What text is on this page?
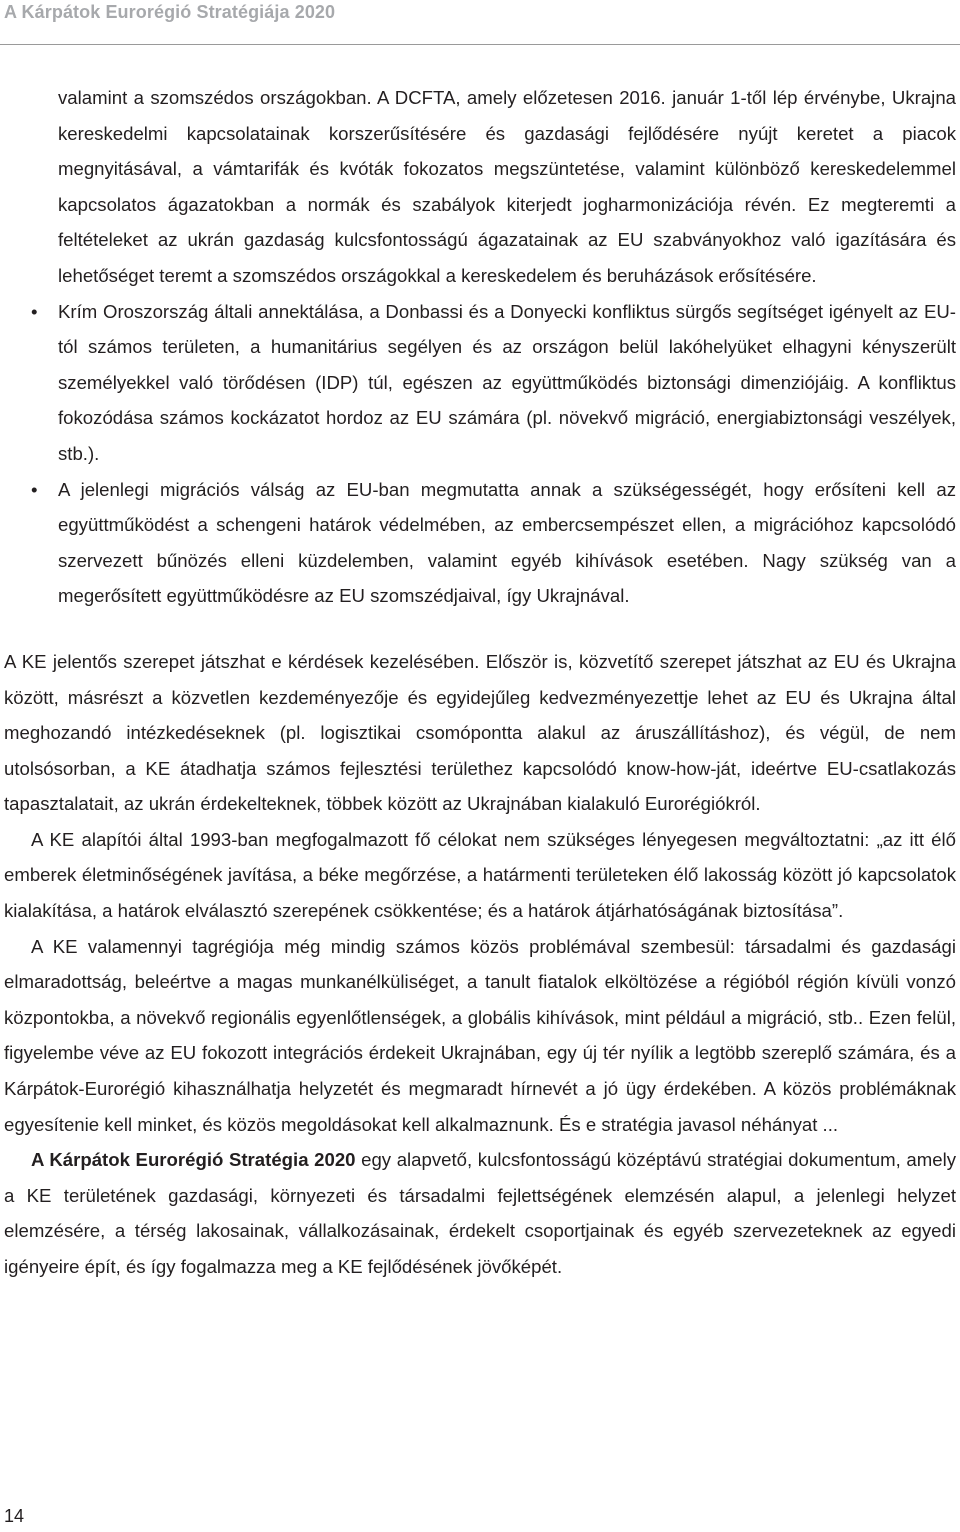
A Kárpátok Eurorégió Stratégiája 2020

valamint a szomszédos országokban. A DCFTA, amely előzetesen 2016. január 1-től lép érvénybe, Ukrajna kereskedelmi kapcsolatainak korszerűsítésére és gazdasági fejlődésére nyújt keretet a piacok megnyitásával, a vámtarifák és kvóták fokozatos megszüntetése, valamint különböző kereskedelemmel kapcsolatos ágazatokban a normák és szabályok kiterjedt jogharmonizációja révén. Ez megteremti a feltételeket az ukrán gazdaság kulcsfontosságú ágazatainak az EU szabványokhoz való igazítására és lehetőséget teremt a szomszédos országokkal a kereskedelem és beruházások erősítésére.

• Krím Oroszország általi annektálása, a Donbassi és a Donyecki konfliktus sürgős segítséget igényelt az EU-tól számos területen, a humanitárius segélyen és az országon belül lakóhelyüket elhagyni kényszerült személyekkel való törődésen (IDP) túl, egészen az együttműködés biztonsági dimenziójáig. A konfliktus fokozódása számos kockázatot hordoz az EU számára (pl. növekvő migráció, energiabiztonsági veszélyek, stb.).

• A jelenlegi migrációs válság az EU-ban megmutatta annak a szükségességét, hogy erősíteni kell az együttműködést a schengeni határok védelmében, az embercsempészet ellen, a migrációhoz kapcsolódó szervezett bűnözés elleni küzdelemben, valamint egyéb kihívások esetében. Nagy szükség van a megerősített együttműködésre az EU szomszédjaival, így Ukrajnával.

A KE jelentős szerepet játszhat e kérdések kezelésében. Először is, közvetítő szerepet játszhat az EU és Ukrajna között, másrészt a közvetlen kezdeményezője és egyidejűleg kedvezményezettje lehet az EU és Ukrajna által meghozandó intézkedéseknek (pl. logisztikai csomópontta alakul az áruszállításhoz), és végül, de nem utolsósorban, a KE átadhatja számos fejlesztési területhez kapcsolódó know-how-ját, ideértve EU-csatlakozás tapasztalatait, az ukrán érdekelteknek, többek között az Ukrajnában kialakuló Eurorégiókról.

A KE alapítói által 1993-ban megfogalmazott fő célokat nem szükséges lényegesen megváltoztatni: „az itt élő emberek életminőségének javítása, a béke megőrzése, a határmenti területeken élő lakosság között jó kapcsolatok kialakítása, a határok elválasztó szerepének csökkentése; és a határok átjárhatóságának biztosítása”.

A KE valamennyi tagrégiója még mindig számos közös problémával szembesül: társadalmi és gazdasági elmaradottság, beleértve a magas munkanélküliséget, a tanult fiatalok elköltözése a régióból régión kívüli vonzó központokba, a növekvő regionális egyenlőtlenségek, a globális kihívások, mint például a migráció, stb.. Ezen felül, figyelembe véve az EU fokozott integrációs érdekeit Ukrajnában, egy új tér nyílik a legtöbb szereplő számára, és a Kárpátok-Eurorégió kihasználhatja helyzetét és megmaradt hírnevét a jó ügy érdekében. A közös problémáknak egyesítenie kell minket, és közös megoldásokat kell alkalmaznunk. És e stratégia javasol néhányat ...

A Kárpátok Eurorégió Stratégia 2020 egy alapvető, kulcsfontosságú középtávú stratégiai dokumentum, amely a KE területének gazdasági, környezeti és társadalmi fejlettségének elemzésén alapul, a jelenlegi helyzet elemzésére, a térség lakosainak, vállalkozásainak, érdekelt csoportjainak és egyéb szervezeteknek az egyedi igényeire épít, és így fogalmazza meg a KE fejlődésének jövőképét.

14
